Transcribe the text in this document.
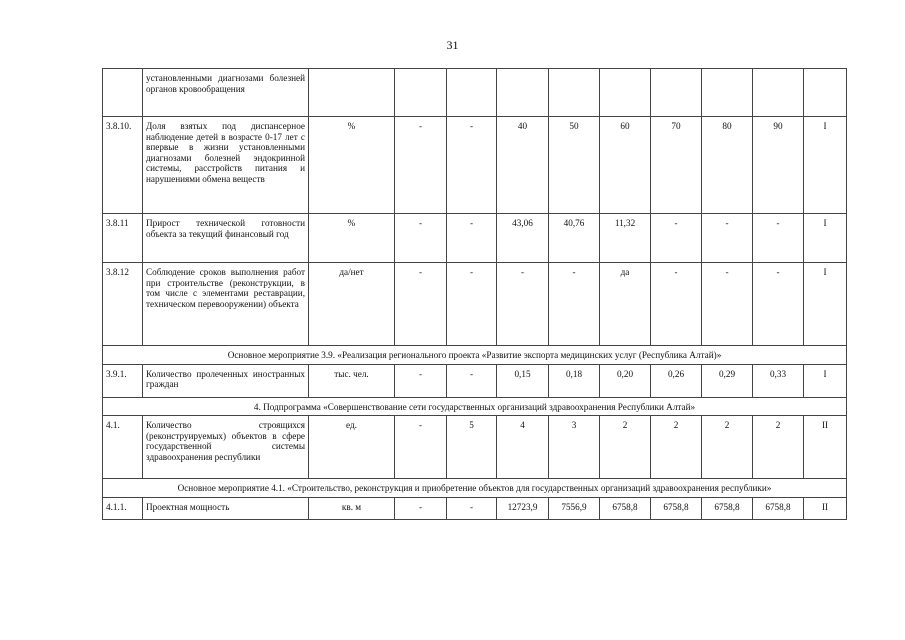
31
	установленными диагнозами болезней органов кровообращения										
3.8.10.	Доля взятых под диспансерное наблюдение детей в возрасте 0-17 лет с впервые в жизни установленными диагнозами болезней эндокринной системы, расстройств питания и нарушениями обмена веществ	%	-	-	40	50	60	70	80	90	I
3.8.11	Прирост технической готовности объекта за текущий финансовый год	%	-	-	43,06	40,76	11,32	-	-	-	I
3.8.12	Соблюдение сроков выполнения работ при строительстве (реконструкции, в том числе с элементами реставрации, техническом перевооружении) объекта	да/нет	-	-	-	-	да	-	-	-	I
Основное мероприятие 3.9. «Реализация регионального проекта «Развитие экспорта медицинских услуг (Республика Алтай)»											
3.9.1.	Количество пролеченных иностранных граждан	тыс. чел.	-	-	0,15	0,18	0,20	0,26	0,29	0,33	I
4. Подпрограмма «Совершенствование сети государственных организаций здравоохранения Республики Алтай»											
4.1.	Количество строящихся (реконструируемых) объектов в сфере государственной системы здравоохранения республики	ед.	-	5	4	3	2	2	2	2	II
Основное мероприятие 4.1. «Строительство, реконструкция и приобретение объектов для государственных организаций здравоохранения республики»											
4.1.1.	Проектная мощность	кв. м	-	-	12723,9	7556,9	6758,8	6758,8	6758,8	6758,8	II
